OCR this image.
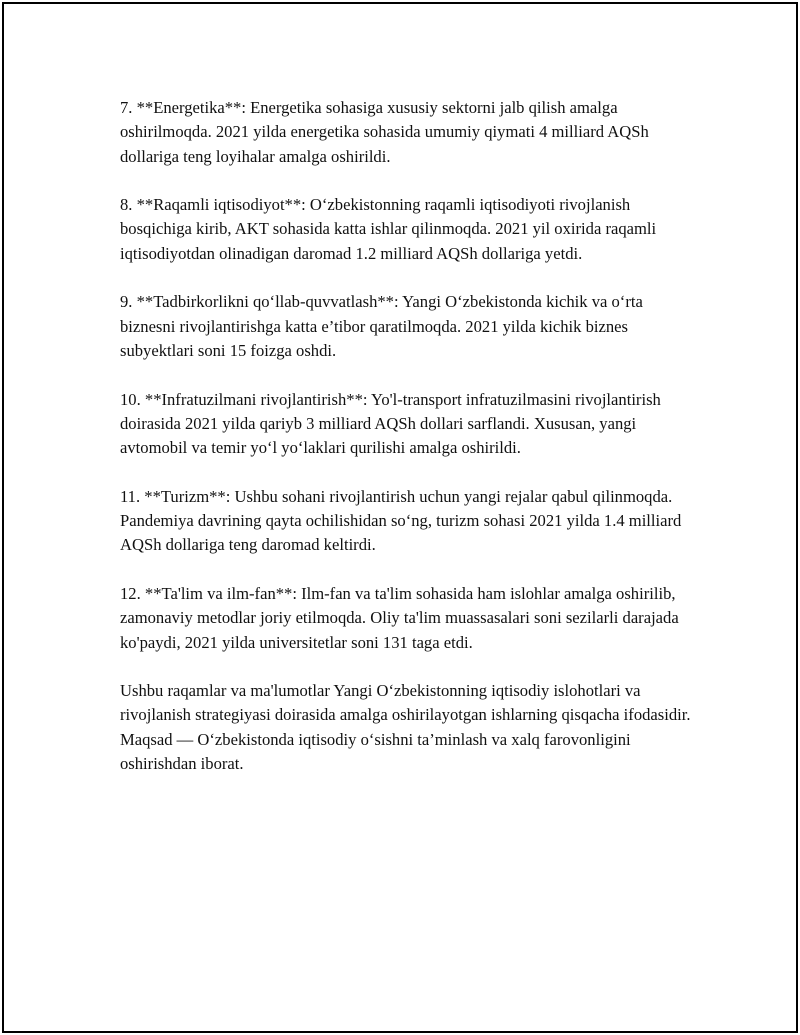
7. **Energetika**: Energetika sohasiga xususiy sektorni jalb qilish amalga oshirilmoqda. 2021 yilda energetika sohasida umumiy qiymati 4 milliard AQSh dollariga teng loyihalar amalga oshirildi.

8. **Raqamli iqtisodiyot**: O‘zbekistonning raqamli iqtisodiyoti rivojlanish bosqichiga kirib, AKT sohasida katta ishlar qilinmoqda. 2021 yil oxirida raqamli iqtisodiyotdan olinadigan daromad 1.2 milliard AQSh dollariga yetdi.

9. **Tadbirkorlikni qo‘llab-quvvatlash**: Yangi O‘zbekistonda kichik va o‘rta biznesni rivojlantirishga katta e’tibor qaratilmoqda. 2021 yilda kichik biznes subyektlari soni 15 foizga oshdi.

10. **Infratuzilmani rivojlantirish**: Yo'l-transport infratuzilmasini rivojlantirish doirasida 2021 yilda qariyb 3 milliard AQSh dollari sarflandi. Xususan, yangi avtomobil va temir yo‘l yo‘laklari qurilishi amalga oshirildi.

11. **Turizm**: Ushbu sohani rivojlantirish uchun yangi rejalar qabul qilinmoqda. Pandemiya davrining qayta ochilishidan so‘ng, turizm sohasi 2021 yilda 1.4 milliard AQSh dollariga teng daromad keltirdi.

12. **Ta'lim va ilm-fan**: Ilm-fan va ta'lim sohasida ham islohlar amalga oshirilib, zamonaviy metodlar joriy etilmoqda. Oliy ta'lim muassasalari soni sezilarli darajada ko'paydi, 2021 yilda universitetlar soni 131 taga etdi.

Ushbu raqamlar va ma'lumotlar Yangi O‘zbekistonning iqtisodiy islohotlari va rivojlanish strategiyasi doirasida amalga oshirilayotgan ishlarning qisqacha ifodasidir. Maqsad — O‘zbekistonda iqtisodiy o‘sishni ta’minlash va xalq farovonligini oshirishdan iborat.
